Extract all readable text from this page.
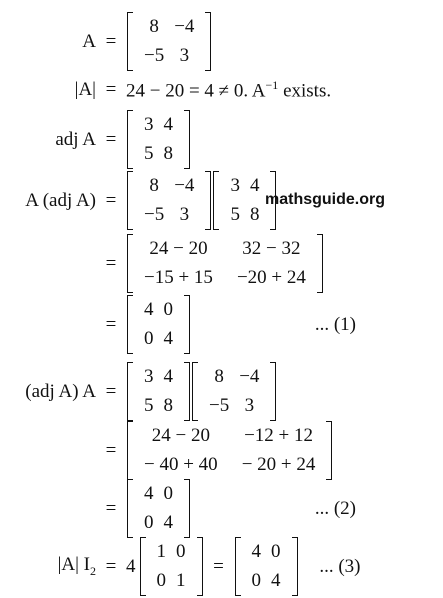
A =
8 −4
−5 3
|A| = 24 − 20 = 4 ≠ 0. $A^{-1}$ exists.
adj A =
3 4
5 8
A (adj A) =
8 −4
−5 3
3 4
5 8
mathsguide.org
=
24 − 20	32 − 32
−15 + 15 −20 + 24
=
4 0
0 4
... (1)
(adj A) A =
3 4
5 8
8 −4
−5 3
=
24 − 20	−12 + 12
− 40 + 40 − 20 + 24
=
4 0
0 4
... (2)
|A| $I_2 = 4$
1 0
0 1
=
4 0
0 4
... (3)
